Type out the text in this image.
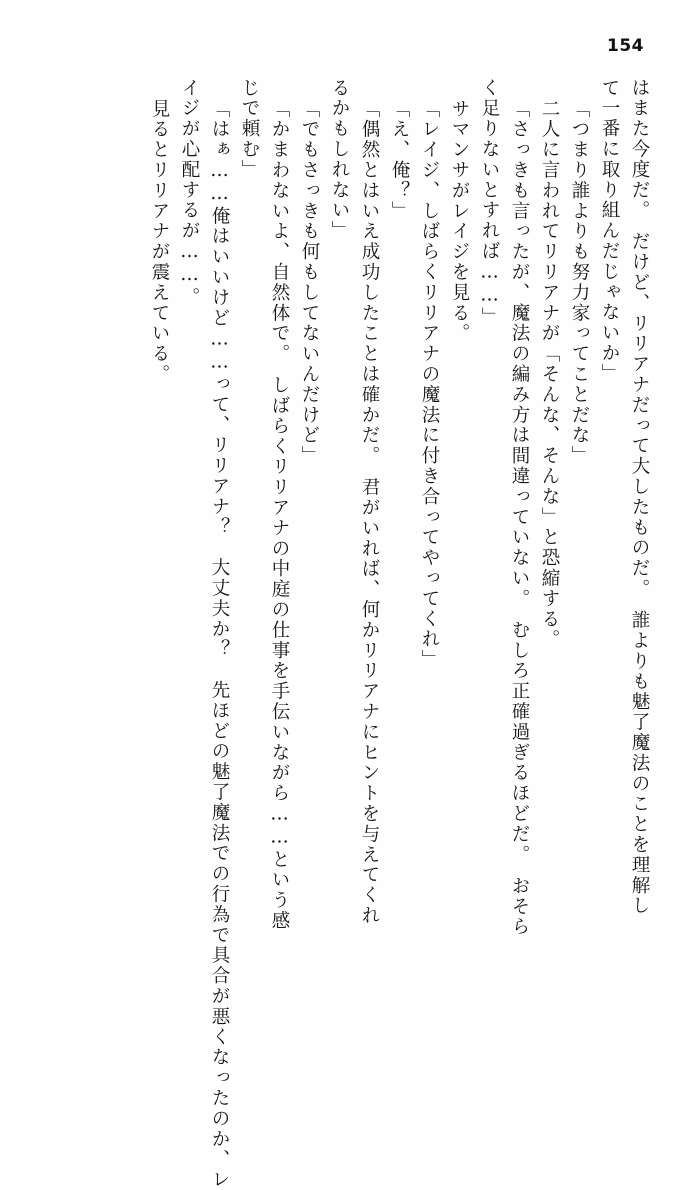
154
はまた今度だ。　だけど、リリアナだって大したものだ。　誰よりも魅了魔法のことを理解し
て一番に取り組んだじゃないか」
「つまり誰よりも努力家ってことだな」
二人に言われてリリアナが「そんな、そんな」と恐縮する。
「さっきも言ったが、魔法の編み方は間違っていない。　むしろ正確過ぎるほどだ。　おそら
く足りないとすれば……」
サマンサがレイジを見る。
「レイジ、しばらくリリアナの魔法に付き合ってやってくれ」
「え、俺？」
「偶然とはいえ成功したことは確かだ。　君がいれば、何かリリアナにヒントを与えてくれ
るかもしれない」
「でもさっきも何もしてないんだけど」
「かまわないよ、自然体で。　しばらくリリアナの中庭の仕事を手伝いながら……という感
じで頼む」
「はぁ……俺はいいけど……って、リリアナ？　大丈夫か？　先ほどの魅了魔法での行為で具合が悪くなったのか、レ
イジが心配するが……。
見るとリリアナが震えている。
